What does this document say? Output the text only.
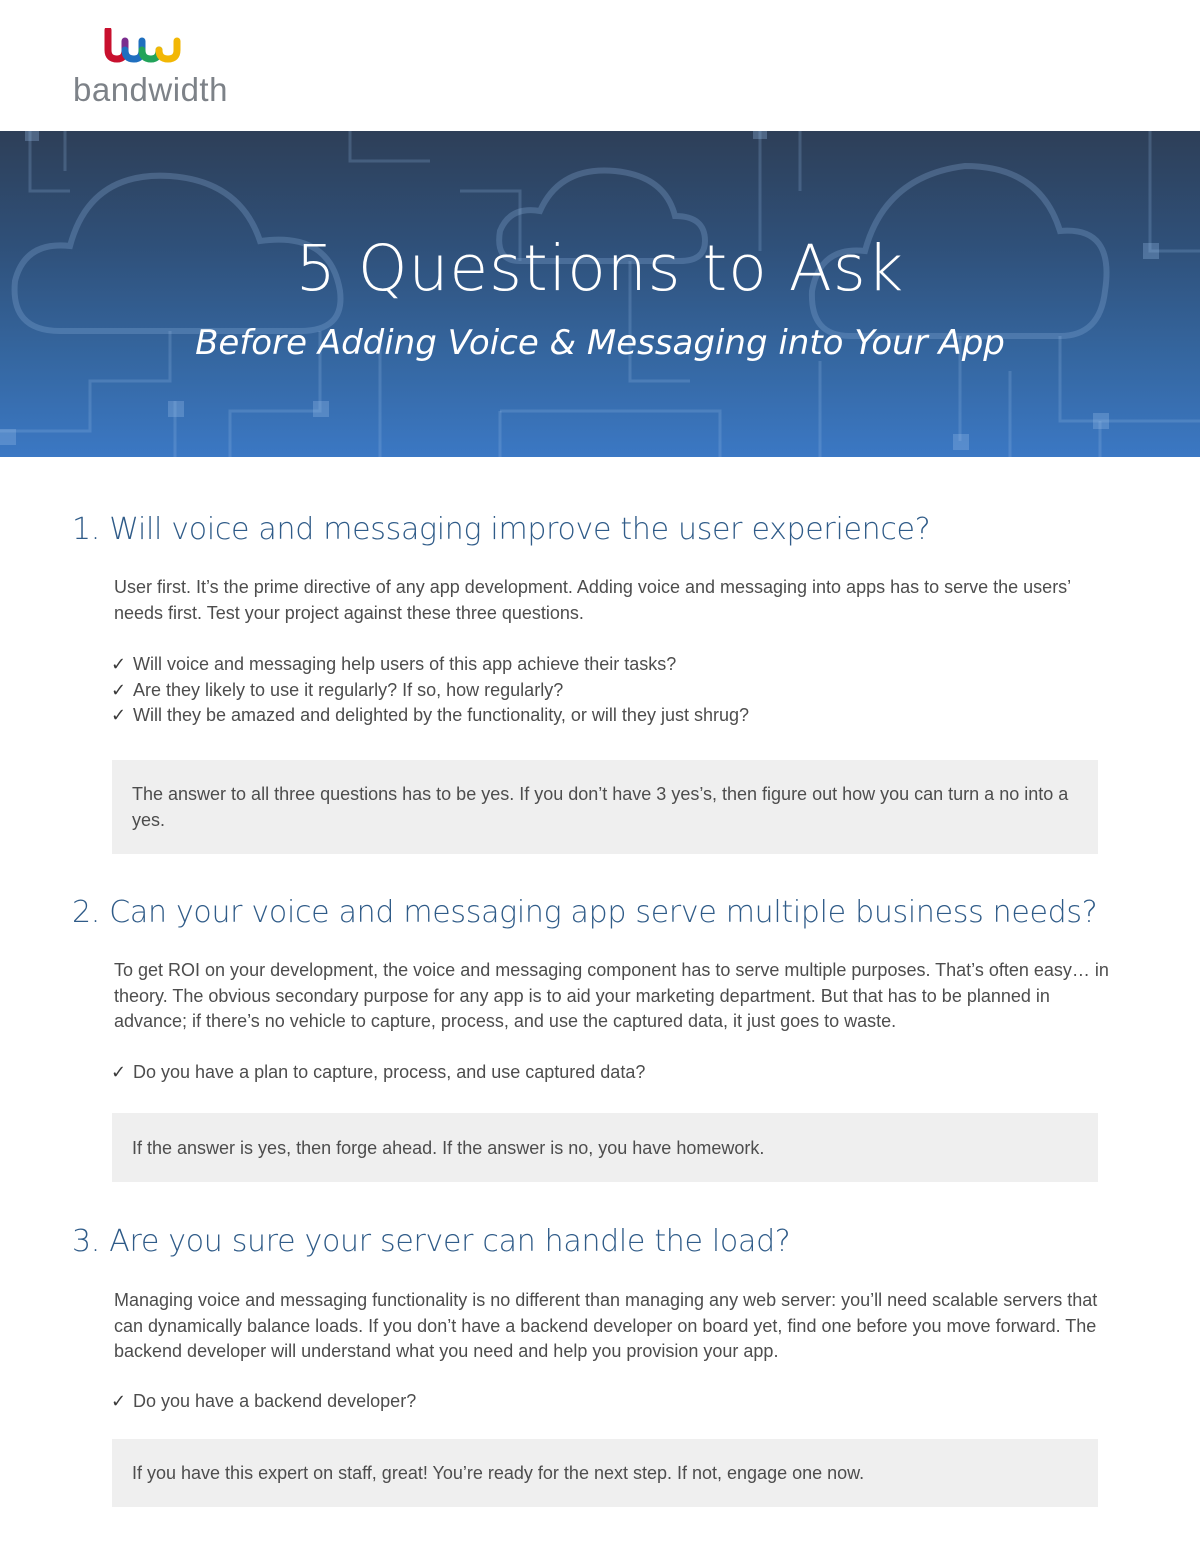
bandwidth
5 Questions to Ask
Before Adding Voice & Messaging into Your App
1. Will voice and messaging improve the user experience?
User first. It’s the prime directive of any app development. Adding voice and messaging into apps has to serve the users’ needs first. Test your project against these three questions.
✓ Will voice and messaging help users of this app achieve their tasks?
✓ Are they likely to use it regularly? If so, how regularly?
✓ Will they be amazed and delighted by the functionality, or will they just shrug?
The answer to all three questions has to be yes. If you don’t have 3 yes’s, then figure out how you can turn a no into a yes.
2. Can your voice and messaging app serve multiple business needs?
To get ROI on your development, the voice and messaging component has to serve multiple purposes. That’s often easy… in theory. The obvious secondary purpose for any app is to aid your marketing department. But that has to be planned in advance; if there’s no vehicle to capture, process, and use the captured data, it just goes to waste.
✓ Do you have a plan to capture, process, and use captured data?
If the answer is yes, then forge ahead. If the answer is no, you have homework.
3. Are you sure your server can handle the load?
Managing voice and messaging functionality is no different than managing any web server: you’ll need scalable servers that can dynamically balance loads. If you don’t have a backend developer on board yet, find one before you move forward. The backend developer will understand what you need and help you provision your app.
✓ Do you have a backend developer?
If you have this expert on staff, great! You’re ready for the next step. If not, engage one now.
